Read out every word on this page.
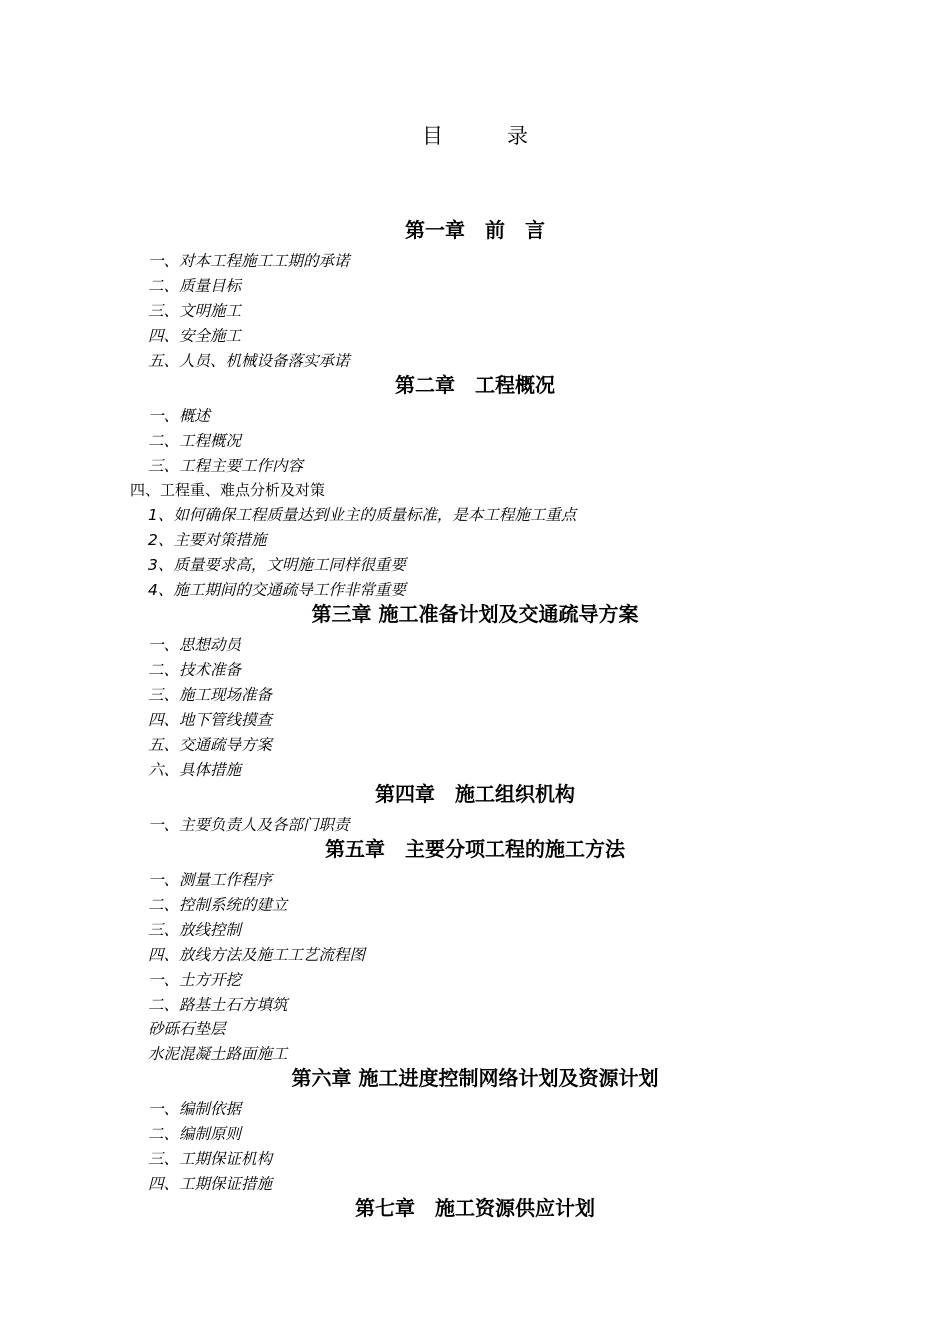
目	录
第一章　前　言
一、对本工程施工工期的承诺
二、质量目标
三、文明施工
四、安全施工
五、人员、机械设备落实承诺
第二章　工程概况
一、概述
二、工程概况
三、工程主要工作内容
四、工程重、难点分析及对策
1、如何确保工程质量达到业主的质量标准，是本工程施工重点
2、主要对策措施
3、质量要求高，文明施工同样很重要
4、施工期间的交通疏导工作非常重要
第三章 施工准备计划及交通疏导方案
一、思想动员
二、技术准备
三、施工现场准备
四、地下管线摸查
五、交通疏导方案
六、具体措施
第四章　施工组织机构
一、主要负责人及各部门职责
第五章　主要分项工程的施工方法
一、测量工作程序
二、控制系统的建立
三、放线控制
四、放线方法及施工工艺流程图
一、土方开挖
二、路基土石方填筑
砂砾石垫层
水泥混凝土路面施工
第六章 施工进度控制网络计划及资源计划
一、编制依据
二、编制原则
三、工期保证机构
四、工期保证措施
第七章　施工资源供应计划
